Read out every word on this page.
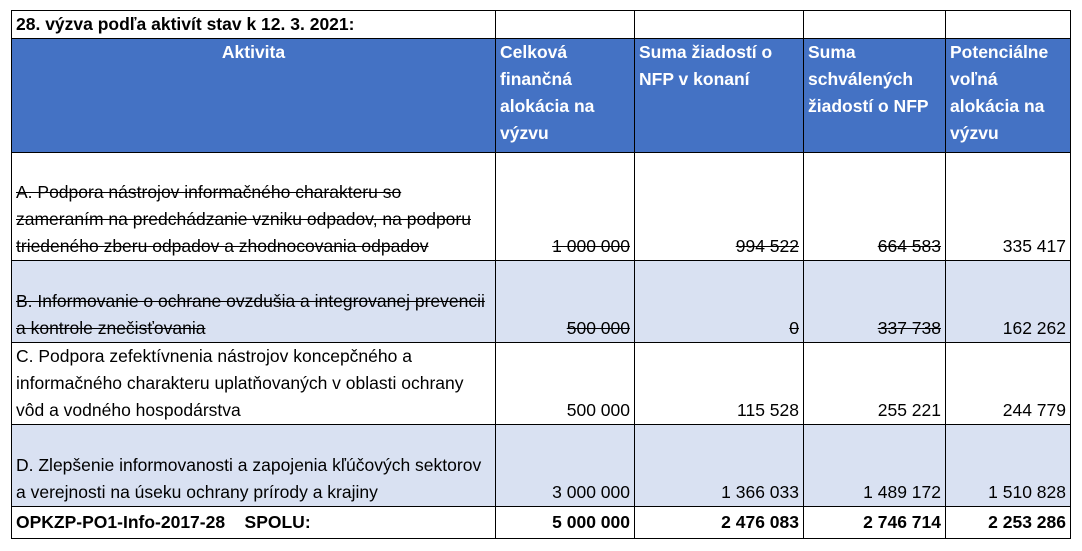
28. výzva podľa aktivít stav k 12. 3. 2021:				
Aktivita	Celková finančná alokácia na výzvu	Suma žiadostí o NFP v konaní	Suma schválených žiadostí o NFP	Potenciálne voľná alokácia na výzvu
A. Podpora nástrojov informačného charakteru so zameraním na predchádzanie vzniku odpadov, na podporu triedeného zberu odpadov a zhodnocovania odpadov	1 000 000	994 522	664 583	335 417
B. Informovanie o ochrane ovzdušia a integrovanej prevencii a kontrole znečisťovania	500 000	0	337 738	162 262
C. Podpora zefektívnenia nástrojov koncepčného a informačného charakteru uplatňovaných v oblasti ochrany vôd a vodného hospodárstva	500 000	115 528	255 221	244 779
D. Zlepšenie informovanosti a zapojenia kľúčových sektorov a verejnosti na úseku ochrany prírody a krajiny	3 000 000	1 366 033	1 489 172	1 510 828
OPKZP-PO1-Info-2017-28 SPOLU:	5 000 000	2 476 083	2 746 714	2 253 286
